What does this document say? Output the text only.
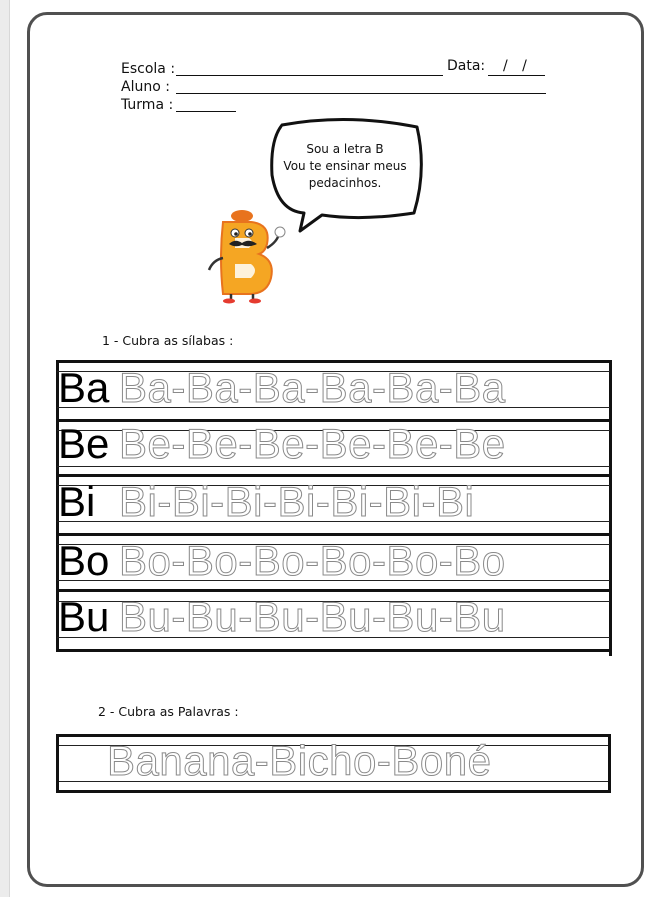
Escola :	Data: / /
Aluno :
Turma :
Sou a letra B
Vou te ensinar meus
pedacinhos.
1 - Cubra as sílabas :
Ba Ba-Ba-Ba-Ba-Ba-Ba
Be Be-Be-Be-Be-Be-Be
Bi Bi-Bi-Bi-Bi-Bi-Bi-Bi
Bo Bo-Bo-Bo-Bo-Bo-Bo
Bu Bu-Bu-Bu-Bu-Bu-Bu
2 - Cubra as Palavras :
Banana-Bicho-Boné
